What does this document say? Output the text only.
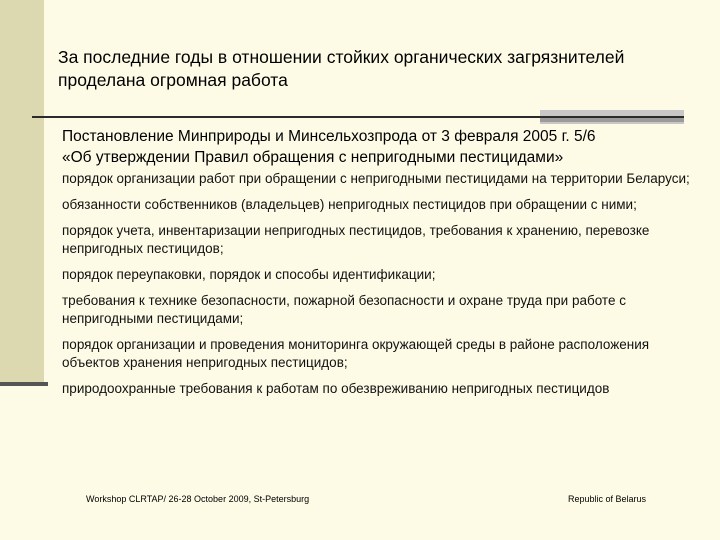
За последние годы в отношении стойких органических загрязнителей
проделана огромная работа
Постановление Минприроды и Минсельхозпрода от 3 февраля 2005 г. 5/6
«Об утверждении Правил обращения с непригодными пестицидами»
порядок организации работ при обращении с непригодными пестицидами на территории Беларуси;
обязанности собственников (владельцев) непригодных пестицидов при обращении с ними;
порядок учета, инвентаризации непригодных пестицидов, требования к хранению, перевозке непригодных пестицидов;
порядок переупаковки, порядок и способы идентификации;
требования к технике безопасности, пожарной безопасности и охране труда при работе с непригодными пестицидами;
порядок организации и проведения мониторинга окружающей среды в районе расположения объектов хранения непригодных пестицидов;
природоохранные требования к работам по обезвреживанию непригодных пестицидов
Workshop CLRTAP/ 26-28 October 2009, St-Petersburg	Republic of Belarus
